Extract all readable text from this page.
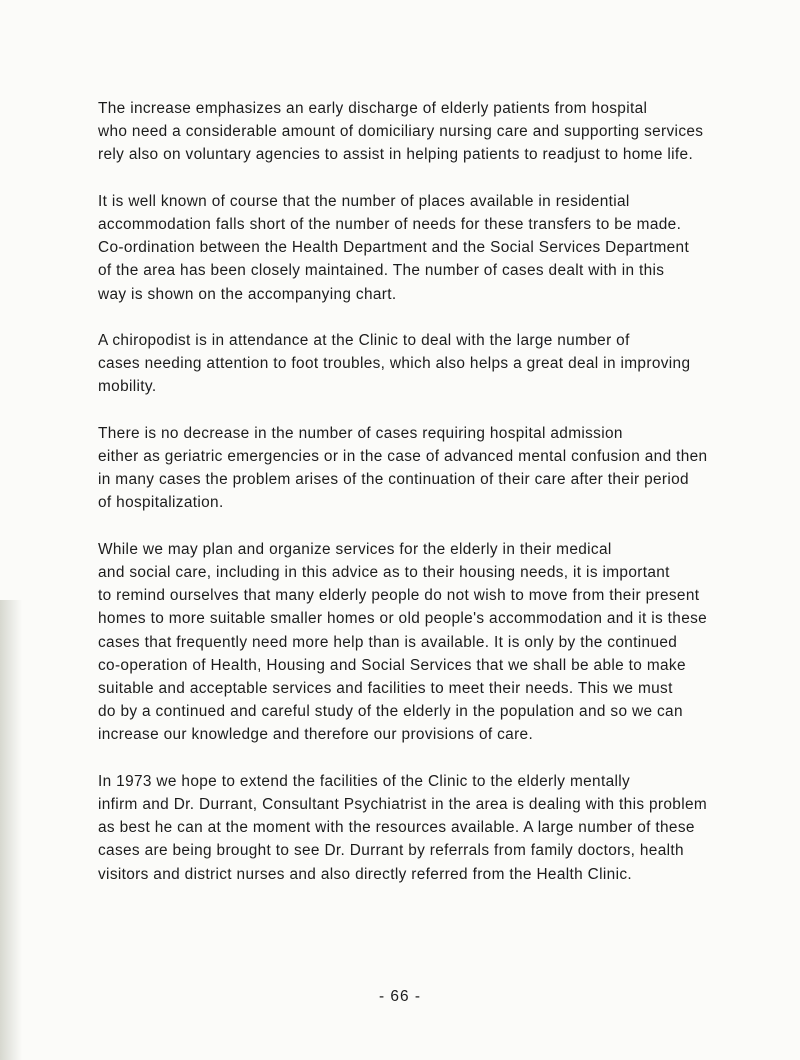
The increase emphasizes an early discharge of elderly patients from hospital
who need a considerable amount of domiciliary nursing care and supporting services
rely also on voluntary agencies to assist in helping patients to readjust to home life.

It is well known of course that the number of places available in residential
accommodation falls short of the number of needs for these transfers to be made.
Co-ordination between the Health Department and the Social Services Department
of the area has been closely maintained. The number of cases dealt with in this
way is shown on the accompanying chart.

A chiropodist is in attendance at the Clinic to deal with the large number of
cases needing attention to foot troubles, which also helps a great deal in improving
mobility.

There is no decrease in the number of cases requiring hospital admission
either as geriatric emergencies or in the case of advanced mental confusion and then
in many cases the problem arises of the continuation of their care after their period
of hospitalization.

While we may plan and organize services for the elderly in their medical
and social care, including in this advice as to their housing needs, it is important
to remind ourselves that many elderly people do not wish to move from their present
homes to more suitable smaller homes or old people's accommodation and it is these
cases that frequently need more help than is available. It is only by the continued
co-operation of Health, Housing and Social Services that we shall be able to make
suitable and acceptable services and facilities to meet their needs. This we must
do by a continued and careful study of the elderly in the population and so we can
increase our knowledge and therefore our provisions of care.

In 1973 we hope to extend the facilities of the Clinic to the elderly mentally
infirm and Dr. Durrant, Consultant Psychiatrist in the area is dealing with this problem
as best he can at the moment with the resources available. A large number of these
cases are being brought to see Dr. Durrant by referrals from family doctors, health
visitors and district nurses and also directly referred from the Health Clinic.

- 66 -
